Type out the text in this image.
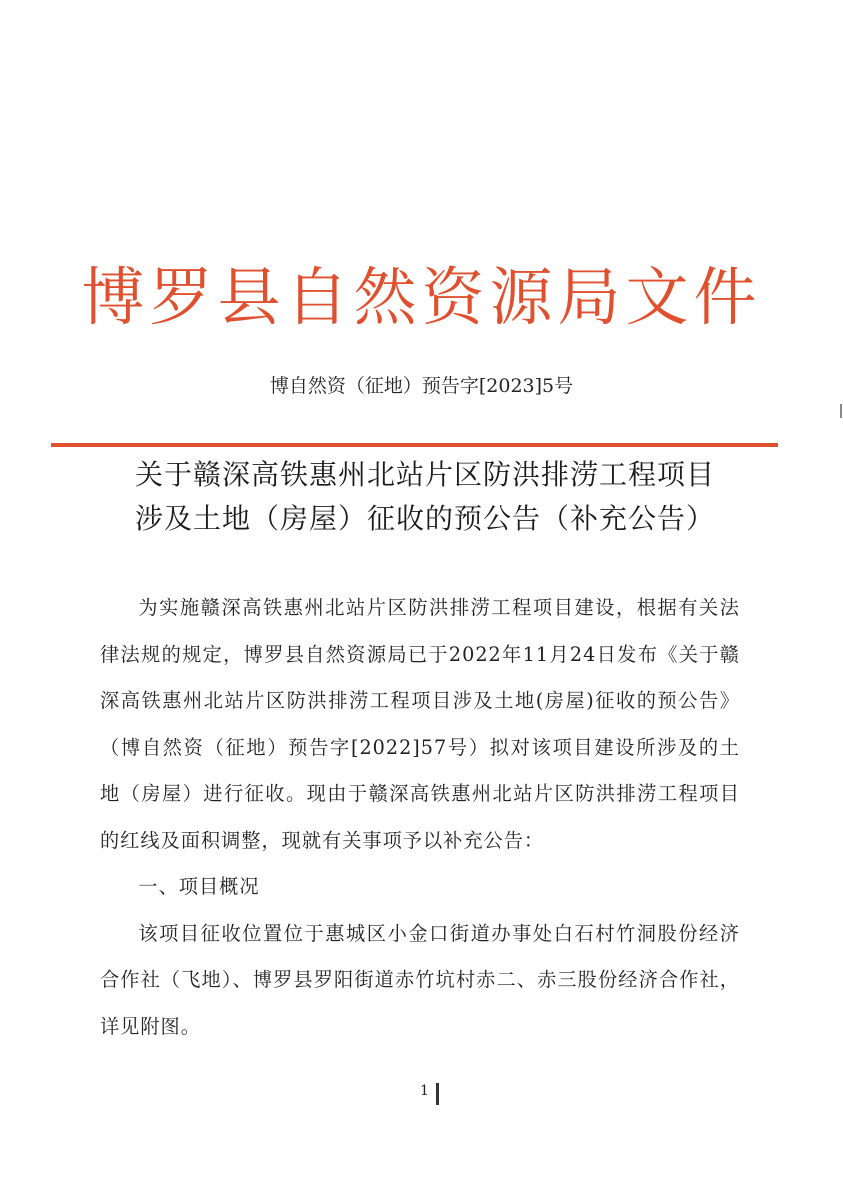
博罗县自然资源局文件
博自然资（征地）预告字[2023]5号
关于赣深高铁惠州北站片区防洪排涝工程项目
涉及土地（房屋）征收的预公告（补充公告）

为实施赣深高铁惠州北站片区防洪排涝工程项目建设，根据有关法律法规的规定，博罗县自然资源局已于2022年11月24日发布《关于赣深高铁惠州北站片区防洪排涝工程项目涉及土地(房屋)征收的预公告》（博自然资（征地）预告字[2022]57号）拟对该项目建设所涉及的土地（房屋）进行征收。现由于赣深高铁惠州北站片区防洪排涝工程项目的红线及面积调整，现就有关事项予以补充公告：

一、项目概况

该项目征收位置位于惠城区小金口街道办事处白石村竹洞股份经济合作社（飞地）、博罗县罗阳街道赤竹坑村赤二、赤三股份经济合作社，详见附图。

1
